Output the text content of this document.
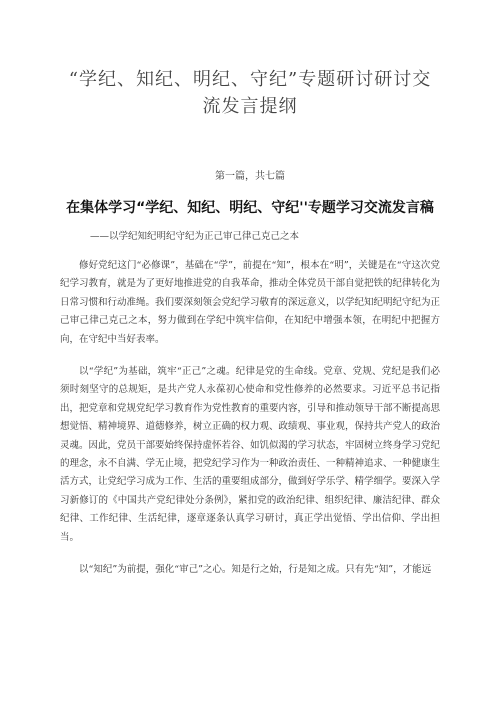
“学纪、知纪、明纪、守纪”专题研讨研讨交流发言提纲
第一篇，共七篇
在集体学习“学纪、知纪、明纪、守纪''专题学习交流发言稿
——以学纪知纪明纪守纪为正己审己律己克己之本

修好党纪这门“必修课”，基础在“学”，前提在“知”，根本在“明”，关键是在“守这次党纪学习教育，就是为了更好地推进党的自我革命，推动全体党员干部自觉把铁的纪律转化为日常习惯和行动准绳。我们要深刻领会党纪学习敬育的深远意义，以学纪知纪明纪守纪为正己审己律己克己之本，努力做到在学纪中筑牢信仰，在知纪中增强本领，在明纪中把握方向，在守纪中当好表率。

以“学纪”为基础，筑牢“正己”之魂。纪律是党的生命线。党章、党规、党纪是我们必须时刻坚守的总规矩，是共产党人永葆初心使命和党性修养的必然要求。习近平总书记指出，把党章和党规党纪学习教育作为党性教育的重要内容，引导和推动领导干部不断提高思想觉悟、精神境界、道德修养，树立正确的权力观、政绩观、事业观，保持共产党人的政治灵魂。因此，党员干部要始终保持虚怀若谷、如饥似渴的学习状态，牢固树立终身学习党纪的理念，永不自满、学无止境，把党纪学习作为一种政治责任、一种精神追求、一种健康生活方式，让党纪学习成为工作、生活的重要组成部分，做到好学乐学、精学细学。要深入学习新修订的《中国共产党纪律处分条例》，紧扣党的政治纪律、组织纪律、廉洁纪律、群众纪律、工作纪律、生活纪律，逐章逐条认真学习研讨，真正学出觉悟、学出信仰、学出担当。

以“知纪”为前提，强化“审己”之心。知是行之始，行是知之成。只有先“知”，才能远
